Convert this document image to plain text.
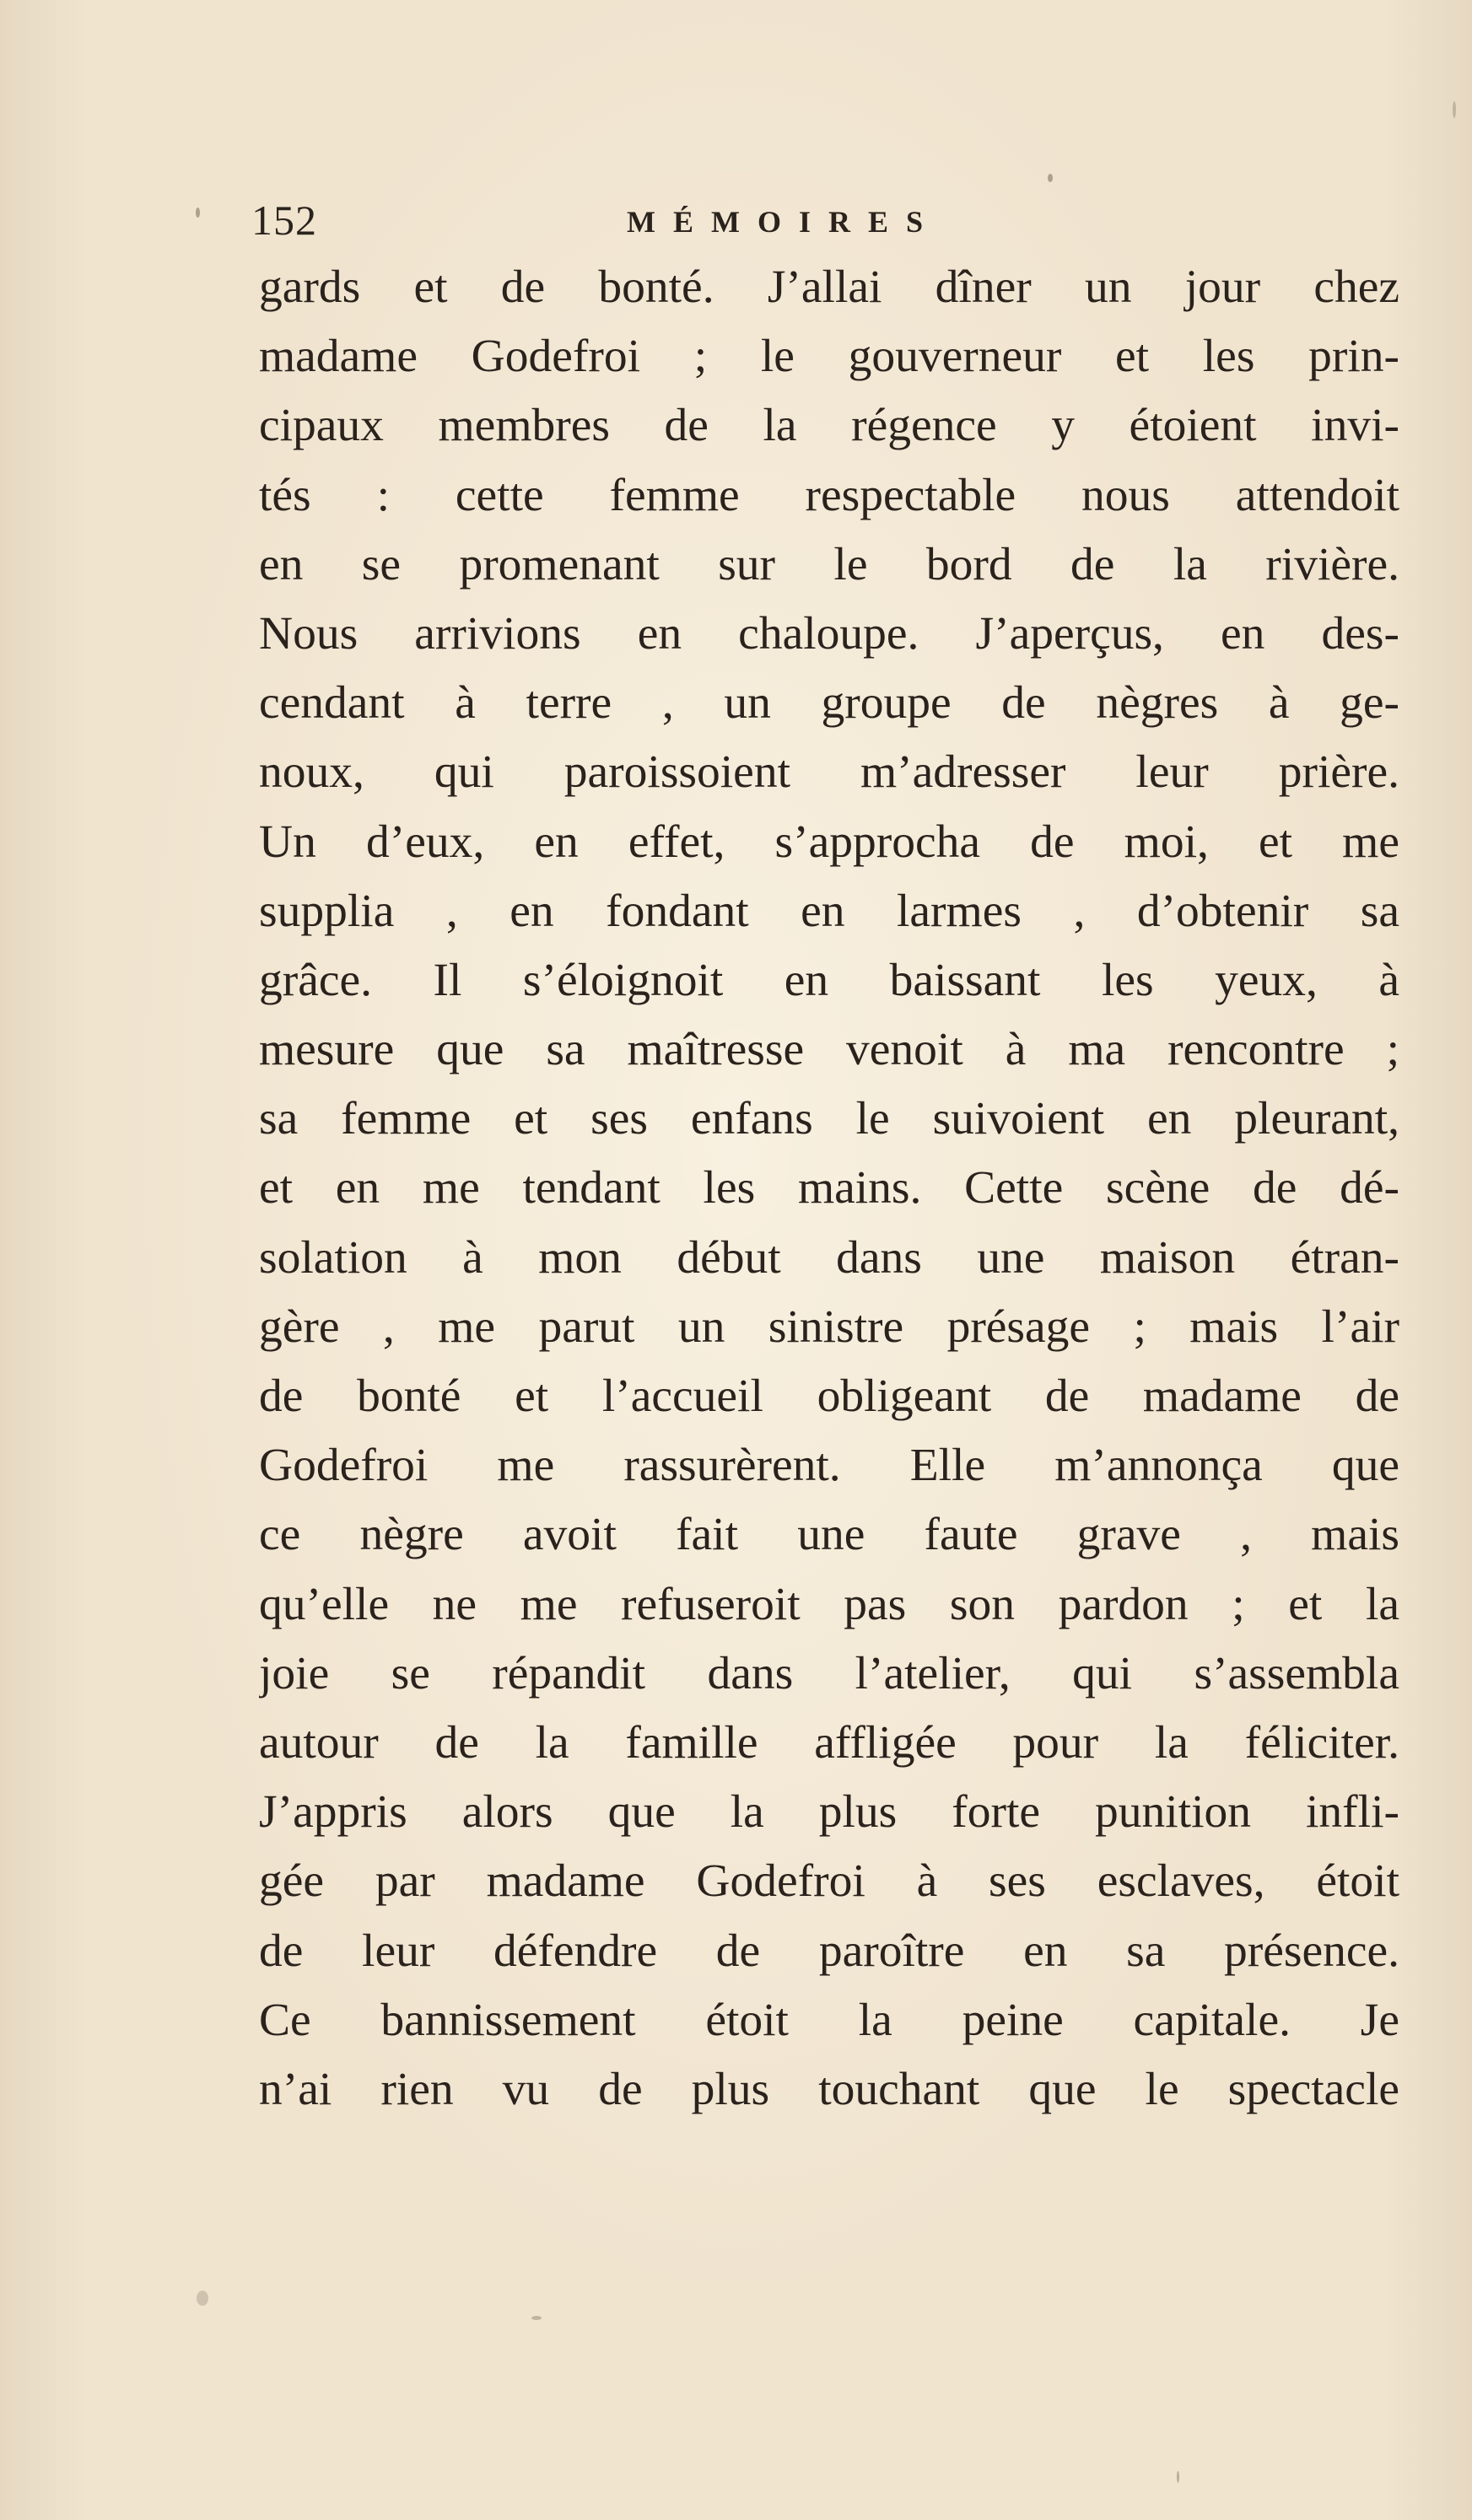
152	MÉMOIRES
gards et de bonté. J’allai dîner un jour chez
madame Godefroi ; le gouverneur et les prin-
cipaux membres de la régence y étoient invi-
tés : cette femme respectable nous attendoit
en se promenant sur le bord de la rivière.
Nous arrivions en chaloupe. J’aperçus, en des-
cendant à terre , un groupe de nègres à ge-
noux, qui paroissoient m’adresser leur prière.
Un d’eux, en effet, s’approcha de moi, et me
supplia , en fondant en larmes , d’obtenir sa
grâce. Il s’éloignoit en baissant les yeux, à
mesure que sa maîtresse venoit à ma rencontre ;
sa femme et ses enfans le suivoient en pleurant,
et en me tendant les mains. Cette scène de dé-
solation à mon début dans une maison étran-
gère , me parut un sinistre présage ; mais l’air
de bonté et l’accueil obligeant de madame de
Godefroi me rassurèrent. Elle m’annonça que
ce nègre avoit fait une faute grave , mais
qu’elle ne me refuseroit pas son pardon ; et la
joie se répandit dans l’atelier, qui s’assembla
autour de la famille affligée pour la féliciter.
J’appris alors que la plus forte punition infli-
gée par madame Godefroi à ses esclaves, étoit
de leur défendre de paroître en sa présence.
Ce bannissement étoit la peine capitale. Je
n’ai rien vu de plus touchant que le spectacle
